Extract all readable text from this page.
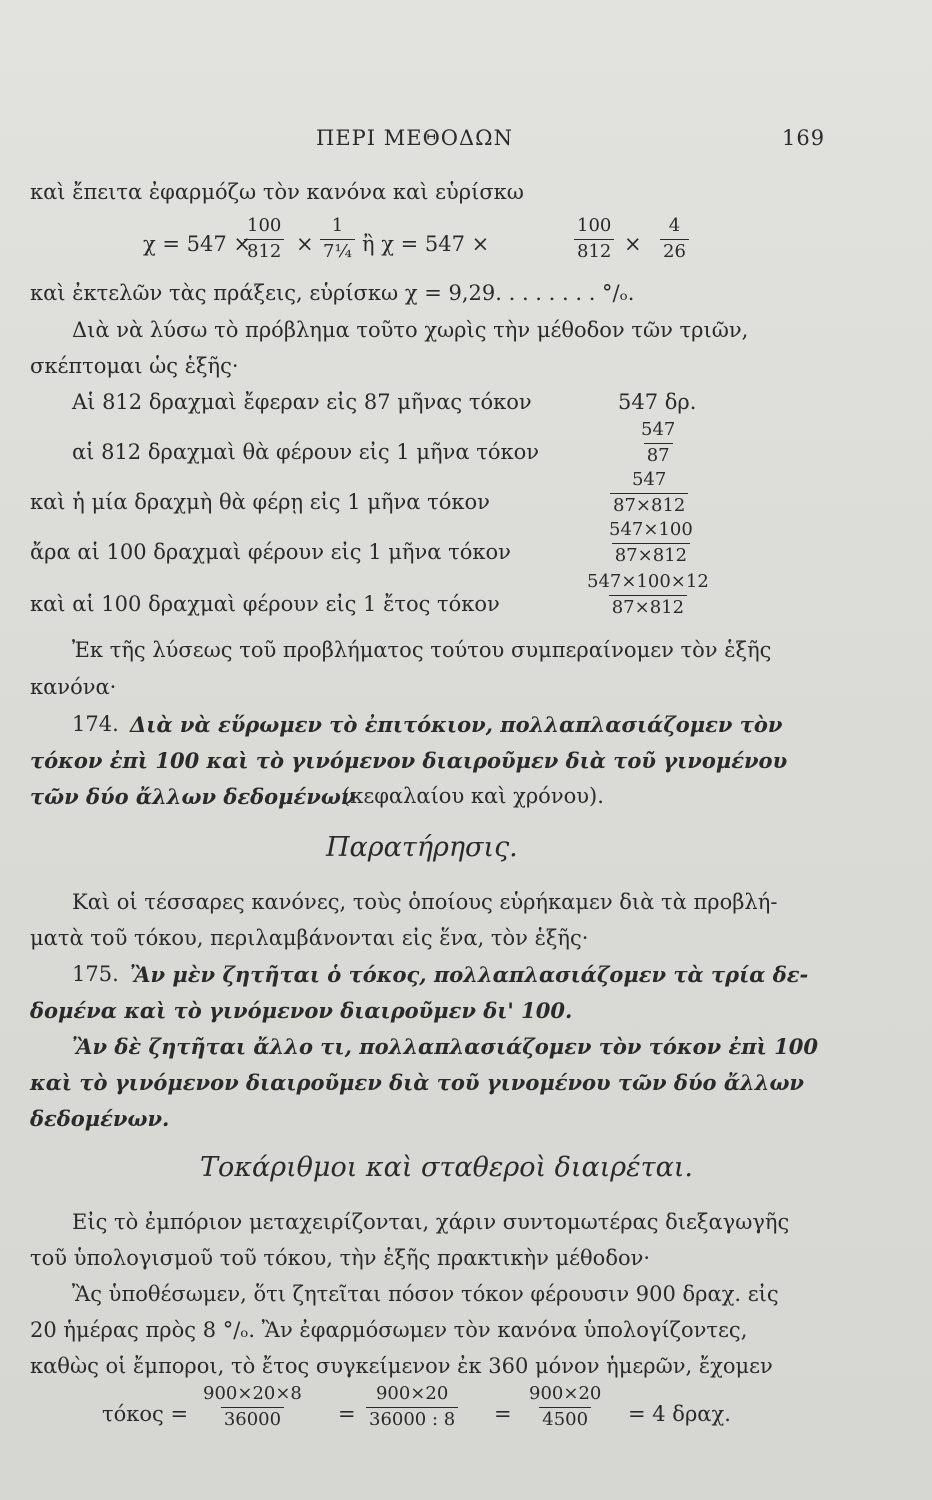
ΠΕΡΙ ΜΕΘΟΔΩΝ	169
καὶ ἔπειτα ἐφαρμόζω τὸν κανόνα καὶ εὑρίσκω
χ = 547 ×
$\frac{100}{812} \times \frac{1}{\text{7¼}}$ ἢ χ = 547 ×	$\frac{100}{812} \times \frac{4}{26}$
καὶ ἐκτελῶν τὰς πράξεις, εὑρίσκω χ = 9,29. . . . . . . . °/ₒ.
Διὰ νὰ λύσω τὸ πρόβλημα τοῦτο χωρὶς τὴν μέθοδον τῶν τριῶν,
σκέπτομαι ὡς ἑξῆς·
Αἱ 812 δραχμαὶ ἔφεραν εἰς 87 μῆνας τόκον	547 δρ.
αἱ 812 δραχμαὶ θὰ φέρουν εἰς 1 μῆνα τόκον	$\frac{547}{87}$
καὶ ἡ μία δραχμὴ θὰ φέρῃ εἰς 1 μῆνα τόκον	$\frac{547}{87\times 812}$
ἄρα αἱ 100 δραχμαὶ φέρουν εἰς 1 μῆνα τόκον	$\frac{547\times 100}{87\times 812}$
καὶ αἱ 100 δραχμαὶ φέρουν εἰς 1 ἔτος τόκον	$\frac{547\times 100\times 12}{87\times 812}$
Ἐκ τῆς λύσεως τοῦ προβλήματος τούτου συμπεραίνομεν τὸν ἑξῆς
κανόνα·
174. Διὰ νὰ εὕρωμεν τὸ ἐπιτόκιον, πολλαπλασιάζομεν τὸν
τόκον ἐπὶ 100 καὶ τὸ γινόμενον διαιροῦμεν διὰ τοῦ γινομένου
τῶν δύο ἄλλων δεδομένων
(κεφαλαίου καὶ χρόνου).
Παρατήρησις.
Καὶ οἱ τέσσαρες κανόνες, τοὺς ὁποίους εὑρήκαμεν διὰ τὰ προβλή-
ματὰ τοῦ τόκου, περιλαμβάνονται εἰς ἕνα, τὸν ἑξῆς·
175. Ἂν μὲν ζητῆται ὁ τόκος, πολλαπλασιάζομεν τὰ τρία δε-
δομένα καὶ τὸ γινόμενον διαιροῦμεν δι' 100.
Ἂν δὲ ζητῆται ἄλλο τι, πολλαπλασιάζομεν τὸν τόκον ἐπὶ 100
καὶ τὸ γινόμενον διαιροῦμεν διὰ τοῦ γινομένου τῶν δύο ἄλλων
δεδομένων.
Τοκάριθμοι καὶ σταθεροὶ διαιρέται.
Εἰς τὸ ἐμπόριον μεταχειρίζονται, χάριν συντομωτέρας διεξαγωγῆς
τοῦ ὑπολογισμοῦ τοῦ τόκου, τὴν ἑξῆς πρακτικὴν μέθοδον·
Ἂς ὑποθέσωμεν, ὅτι ζητεῖται πόσον τόκον φέρουσιν 900 δραχ. εἰς
20 ἡμέρας πρὸς 8 °/ₒ. Ἂν ἐφαρμόσωμεν τὸν κανόνα ὑπολογίζοντες,
καθὼς οἱ ἔμποροι, τὸ ἔτος συγκείμενον ἐκ 360 μόνον ἡμερῶν, ἔχομεν
$\tau ό\kappa o\varsigma = \frac{900\times 20\times 8}{36000} = \frac{900\times 20}{36000 : 8} = \frac{900\times 20}{4500} = 4$ δραχ.
